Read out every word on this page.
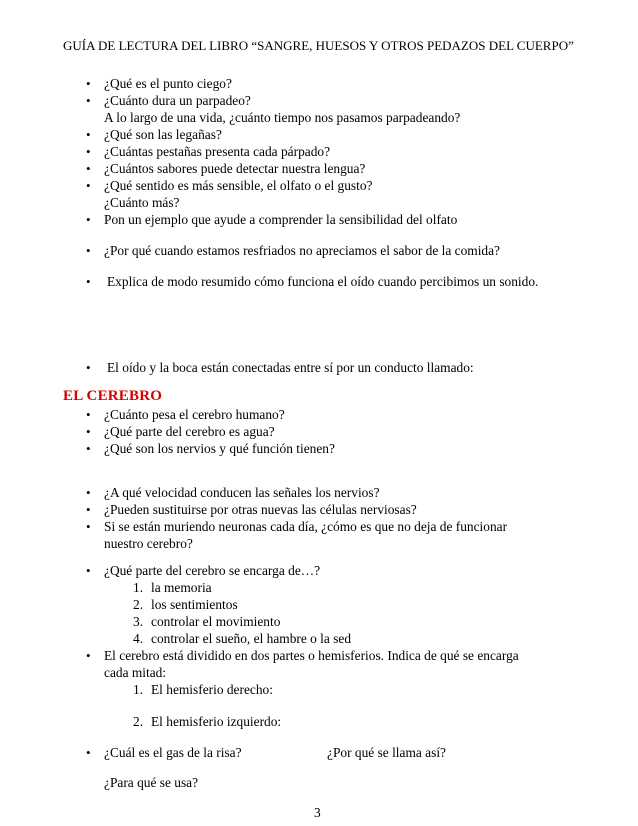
GUÍA DE LECTURA DEL LIBRO “SANGRE, HUESOS Y OTROS PEDAZOS DEL CUERPO”
• ¿Qué es el punto ciego?
• ¿Cuánto dura un parpadeo?
A lo largo de una vida, ¿cuánto tiempo nos pasamos parpadeando?
• ¿Qué son las legañas?
• ¿Cuántas pestañas presenta cada párpado?
• ¿Cuántos sabores puede detectar nuestra lengua?
• ¿Qué sentido es más sensible, el olfato o el gusto?
¿Cuánto más?
• Pon un ejemplo que ayude a comprender la sensibilidad del olfato
• ¿Por qué cuando estamos resfriados no apreciamos el sabor de la comida?
• Explica de modo resumido cómo funciona el oído cuando percibimos un sonido.
• El oído y la boca están conectadas entre sí por un conducto llamado:
EL CEREBRO
• ¿Cuánto pesa el cerebro humano?
• ¿Qué parte del cerebro es agua?
• ¿Qué son los nervios y qué función tienen?
• ¿A qué velocidad conducen las señales los nervios?
• ¿Pueden sustituirse por otras nuevas las células nerviosas?
• Si se están muriendo neuronas cada día, ¿cómo es que no deja de funcionar nuestro cerebro?
• ¿Qué parte del cerebro se encarga de…?
1. la memoria
2. los sentimientos
3. controlar el movimiento
4. controlar el sueño, el hambre o la sed
• El cerebro está dividido en dos partes o hemisferios. Indica de qué se encarga cada mitad:
1. El hemisferio derecho:
2. El hemisferio izquierdo:
• ¿Cuál es el gas de la risa?	¿Por qué se llama así?
¿Para qué se usa?
3
